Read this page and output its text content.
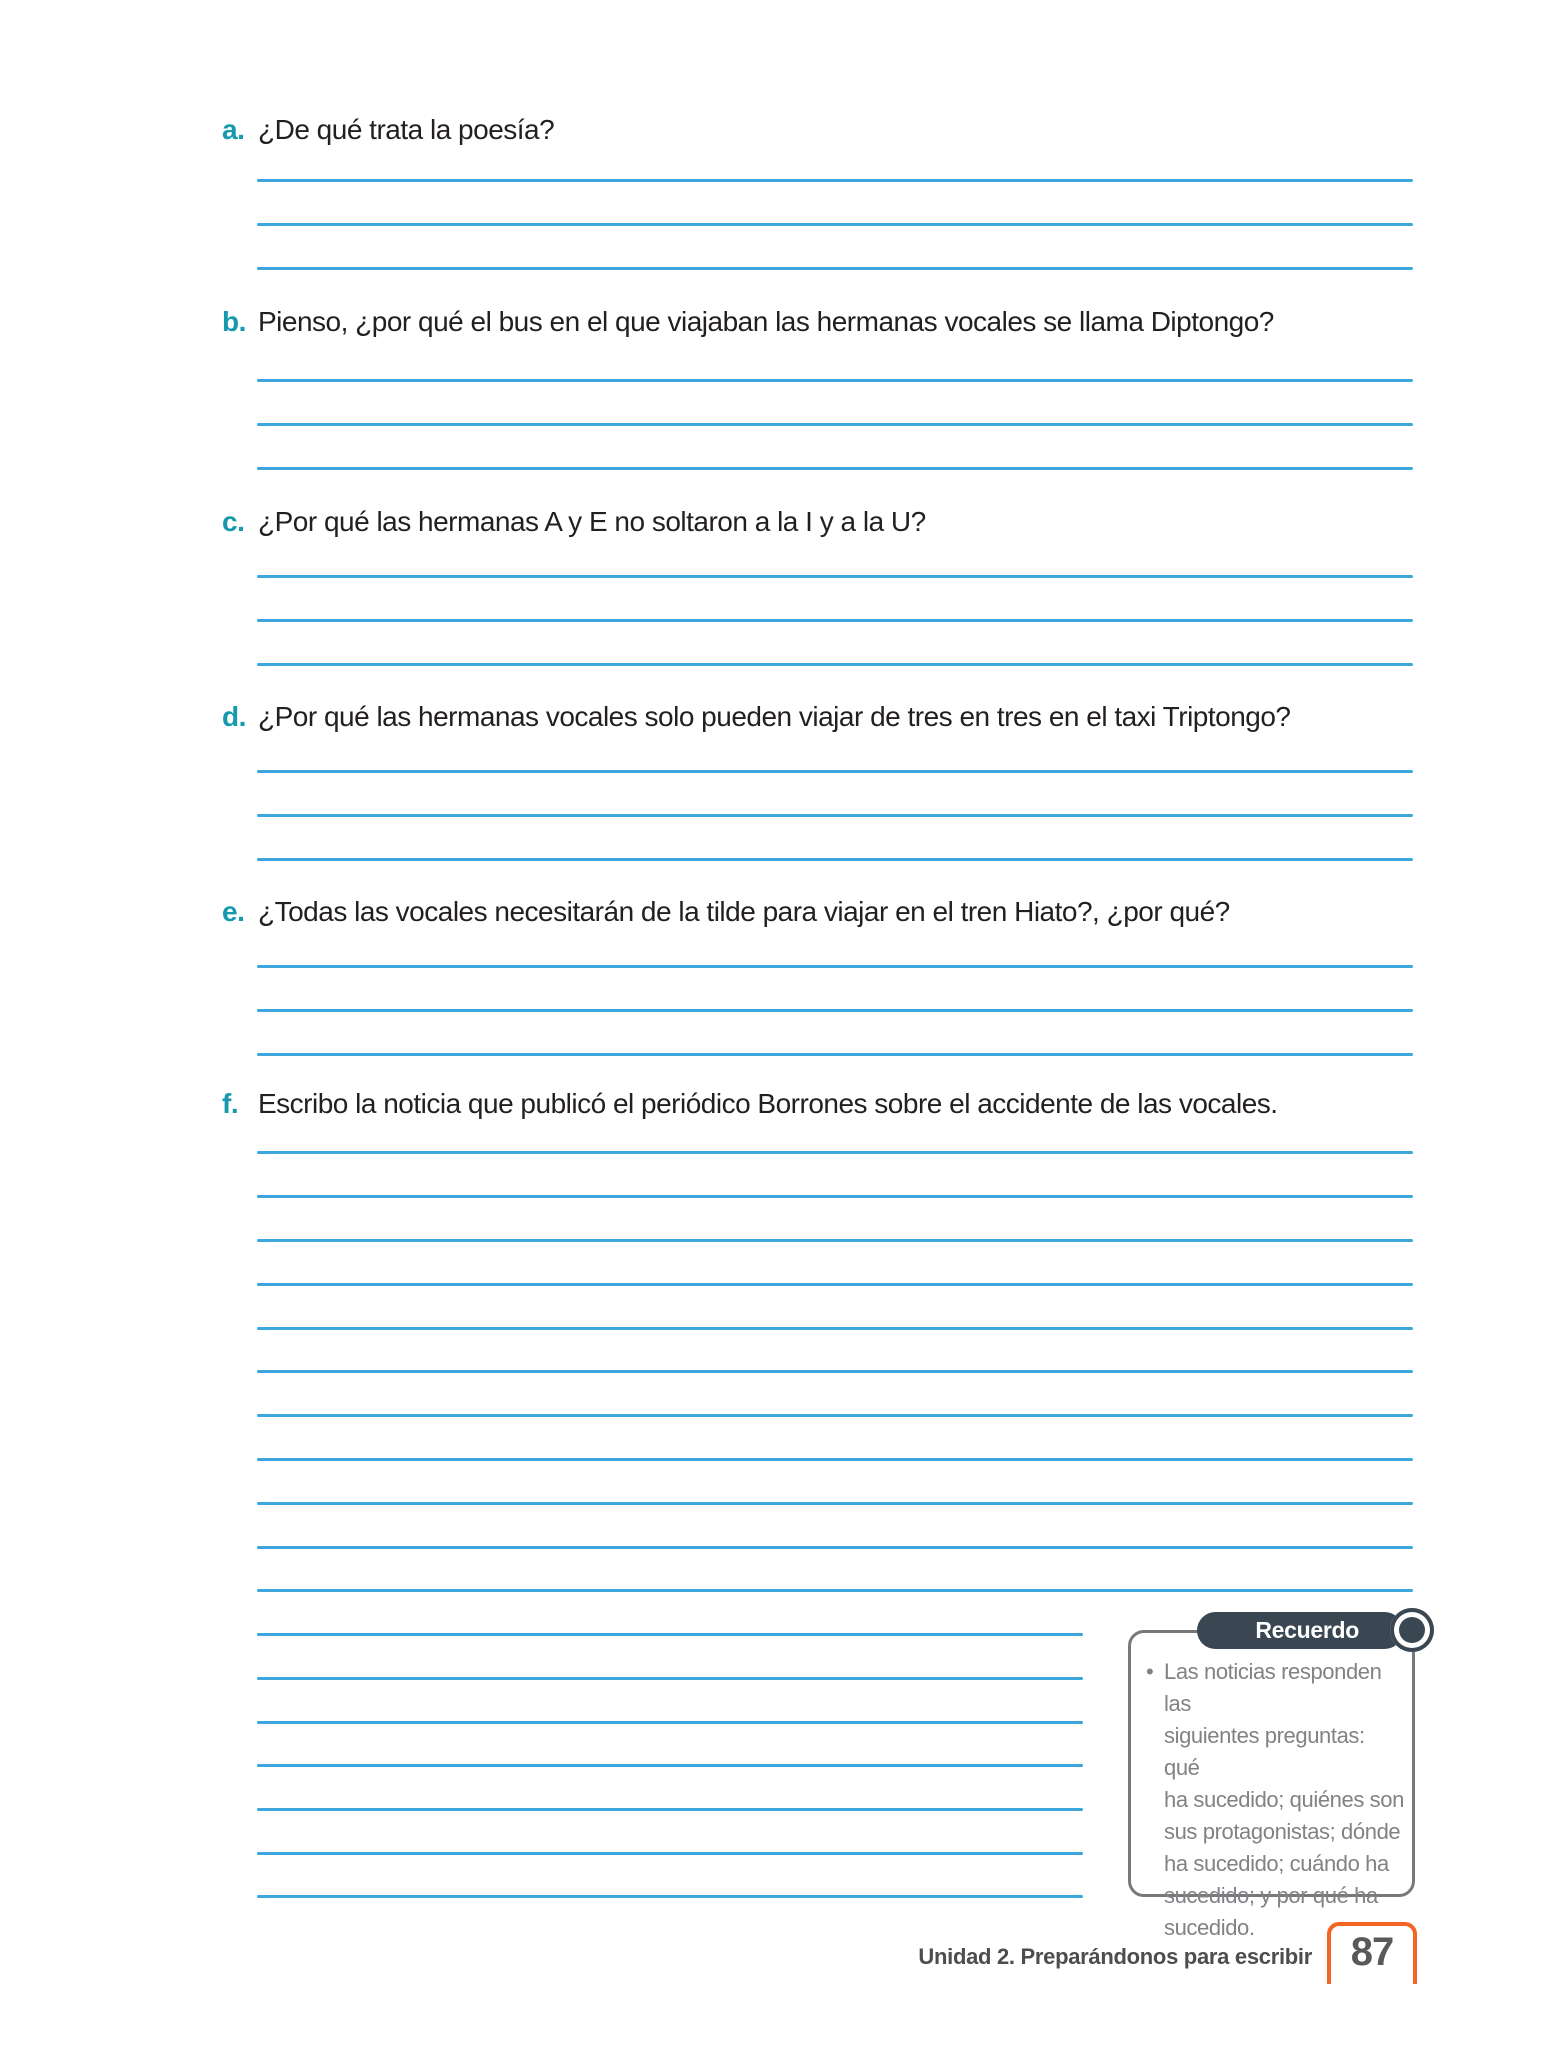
a. ¿De qué trata la poesía?
b. Pienso, ¿por qué el bus en el que viajaban las hermanas vocales se llama Diptongo?
c. ¿Por qué las hermanas A y E no soltaron a la I y a la U?
d. ¿Por qué las hermanas vocales solo pueden viajar de tres en tres en el taxi Triptongo?
e. ¿Todas las vocales necesitarán de la tilde para viajar en el tren Hiato?, ¿por qué?
f. Escribo la noticia que publicó el periódico Borrones sobre el accidente de las vocales.
Recuerdo
• Las noticias responden las
siguientes preguntas: qué
ha sucedido; quiénes son
sus protagonistas; dónde
ha sucedido; cuándo ha
sucedido; y por qué ha
sucedido.
Unidad 2. Preparándonos para escribir 87
